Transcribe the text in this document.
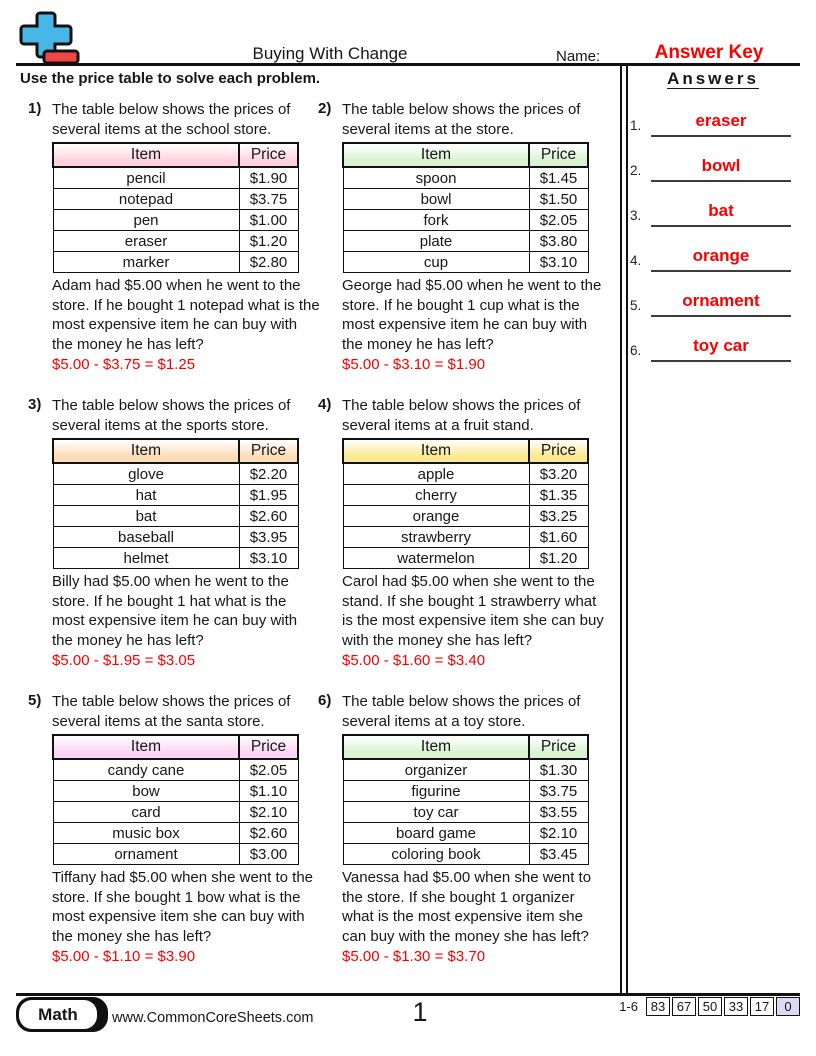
Buying With Change	Name:	Answer Key
Use the price table to solve each problem.	Answers
1.	eraser
2.	bowl
3.	bat
4.	orange
5.	ornament
6.	toy car
1) The table below shows the prices of several items at the school store.
Item	Price
pencil	$1.90
notepad	$3.75
pen	$1.00
eraser	$1.20
marker	$2.80
Adam had $5.00 when he went to the store. If he bought 1 notepad what is the most expensive item he can buy with the money he has left?
$5.00 - $3.75 = $1.25
2) The table below shows the prices of several items at the store.
Item	Price
spoon	$1.45
bowl	$1.50
fork	$2.05
plate	$3.80
cup	$3.10
George had $5.00 when he went to the store. If he bought 1 cup what is the most expensive item he can buy with the money he has left?
$5.00 - $3.10 = $1.90
3) The table below shows the prices of several items at the sports store.
Item	Price
glove	$2.20
hat	$1.95
bat	$2.60
baseball	$3.95
helmet	$3.10
Billy had $5.00 when he went to the store. If he bought 1 hat what is the most expensive item he can buy with the money he has left?
$5.00 - $1.95 = $3.05
4) The table below shows the prices of several items at a fruit stand.
Item	Price
apple	$3.20
cherry	$1.35
orange	$3.25
strawberry	$1.60
watermelon	$1.20
Carol had $5.00 when she went to the stand. If she bought 1 strawberry what is the most expensive item she can buy with the money she has left?
$5.00 - $1.60 = $3.40
5) The table below shows the prices of several items at the santa store.
Item	Price
candy cane	$2.05
bow	$1.10
card	$2.10
music box	$2.60
ornament	$3.00
Tiffany had $5.00 when she went to the store. If she bought 1 bow what is the most expensive item she can buy with the money she has left?
$5.00 - $1.10 = $3.90
6) The table below shows the prices of several items at a toy store.
Item	Price
organizer	$1.30
figurine	$3.75
toy car	$3.55
board game	$2.10
coloring book	$3.45
Vanessa had $5.00 when she went to the store. If she bought 1 organizer what is the most expensive item she can buy with the money she has left?
$5.00 - $1.30 = $3.70
Math	www.CommonCoreSheets.com	1	1-6 83 67 50 33 17	0
